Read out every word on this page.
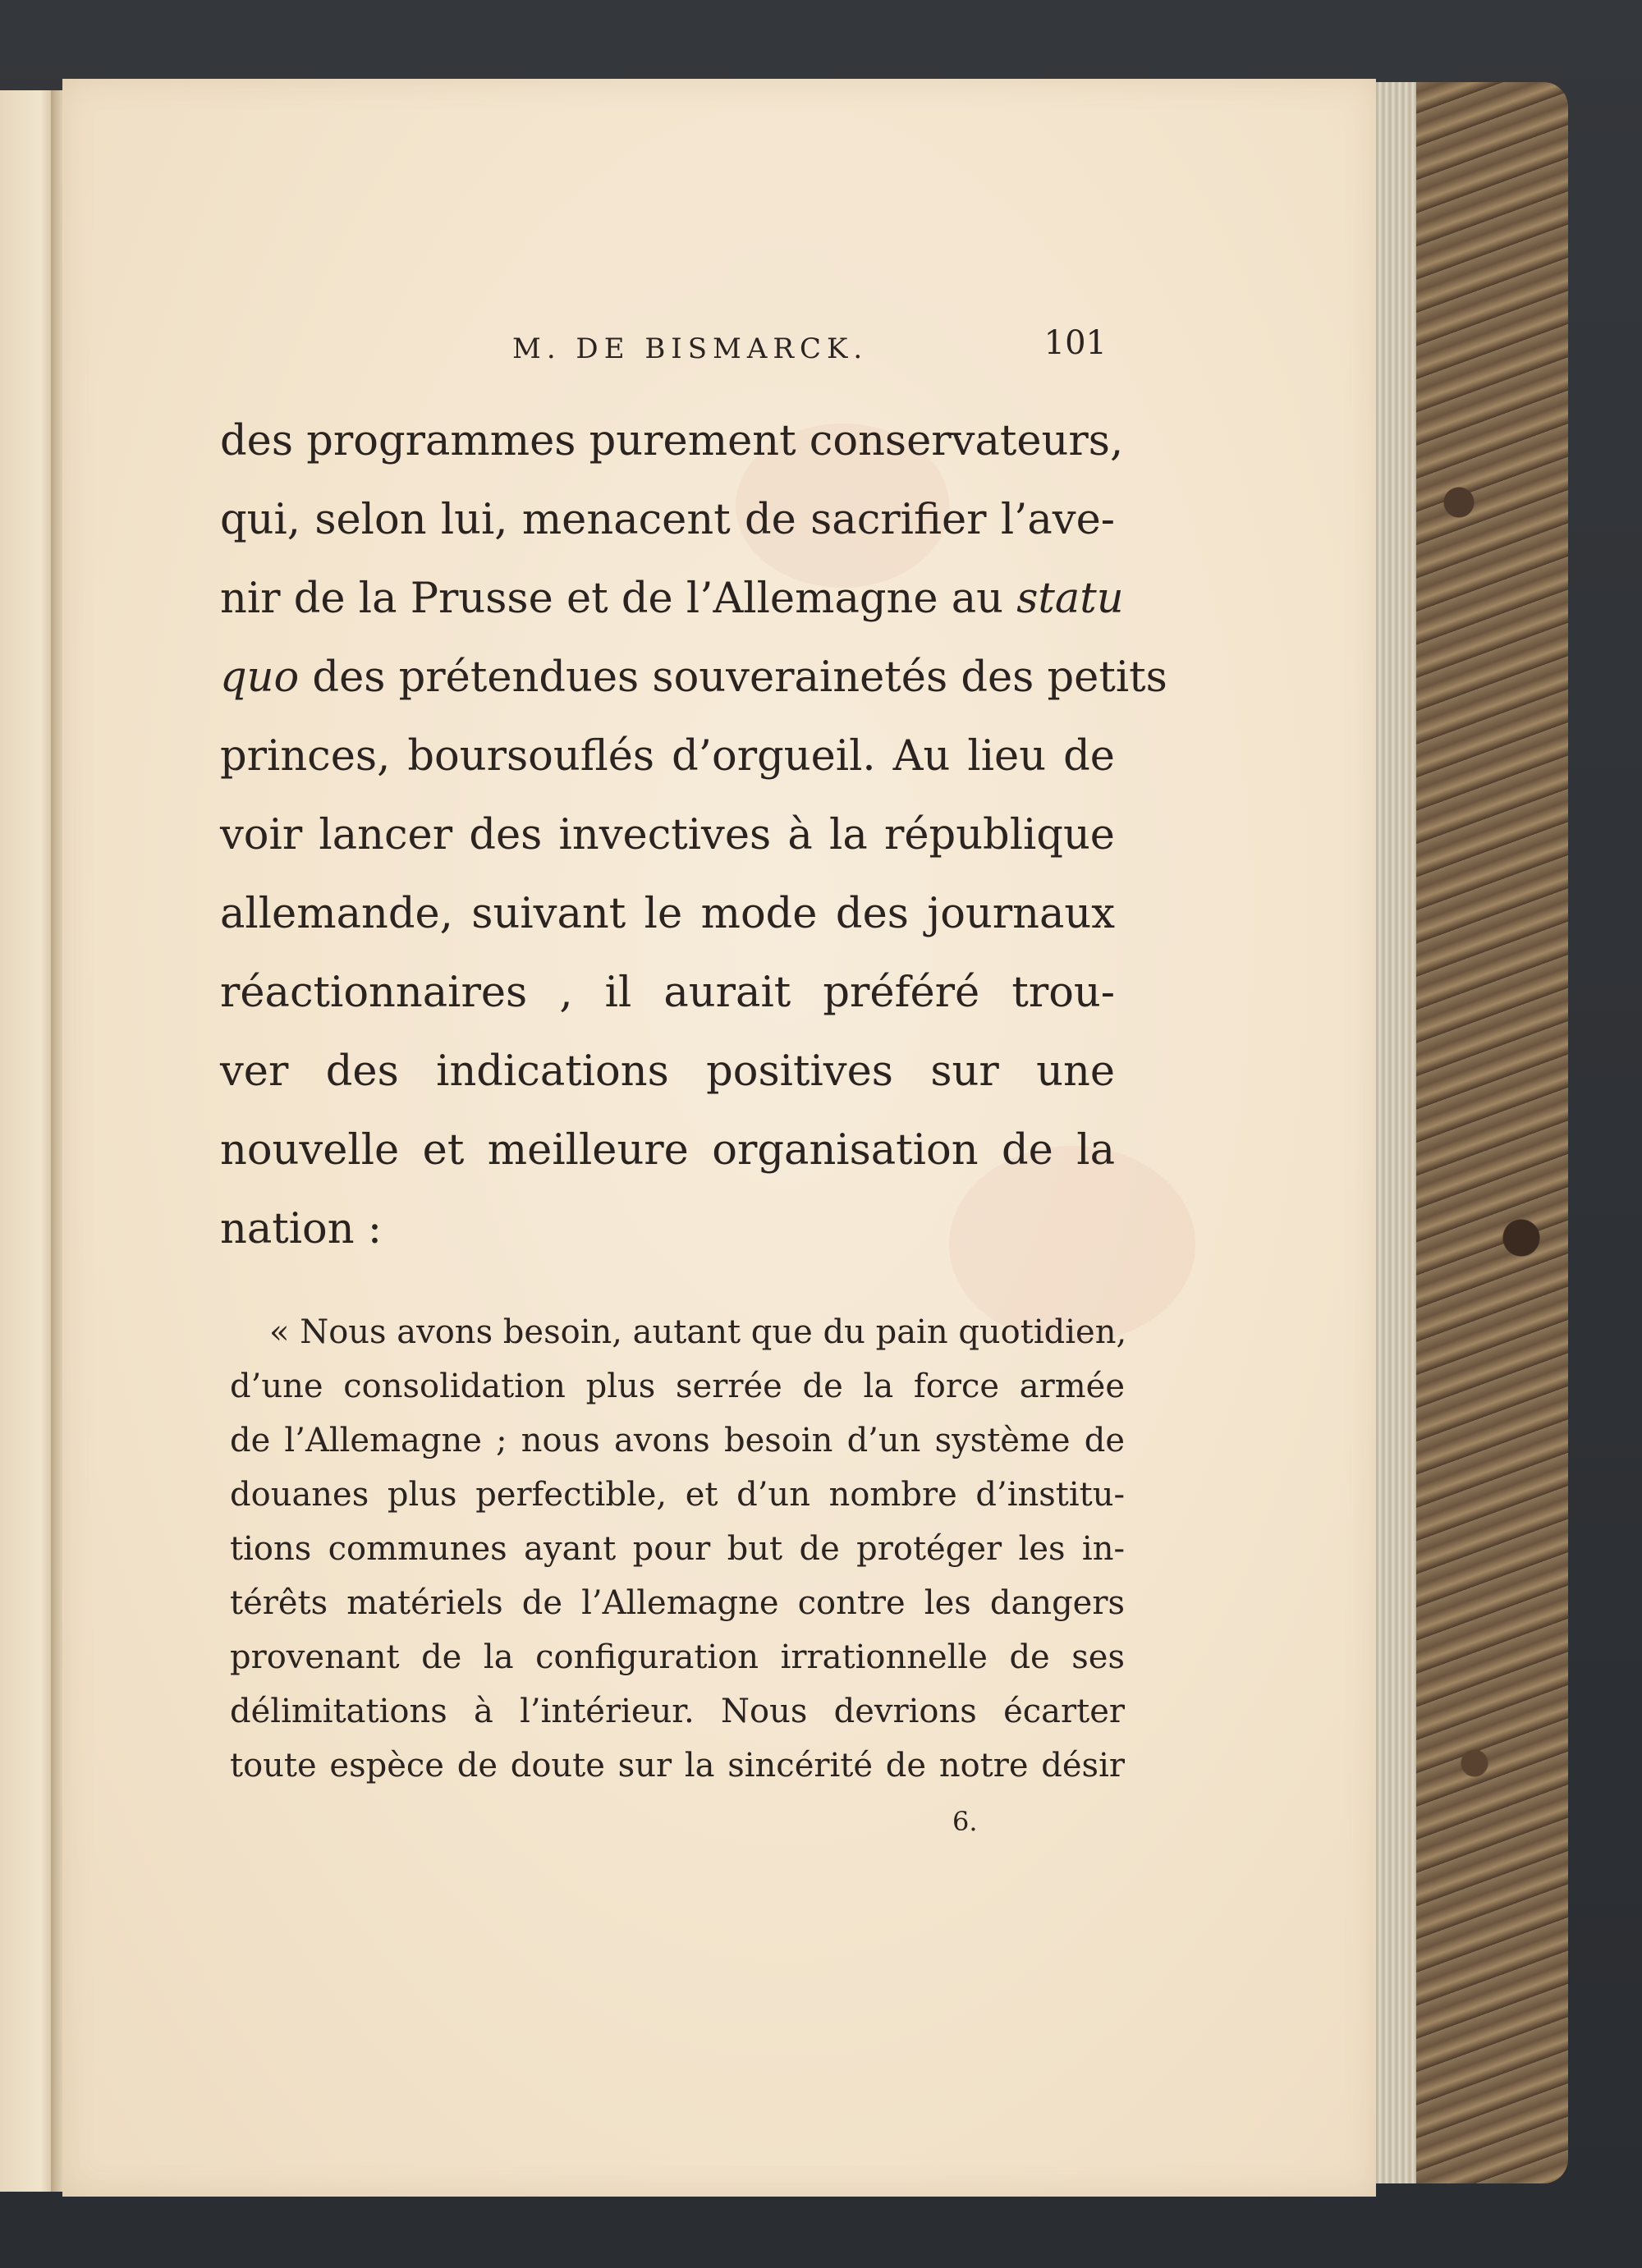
M. DE BISMARCK.	101
des programmes purement conservateurs,
qui, selon lui, menacent de sacrifier l’ave-
nir de la Prusse et de l’Allemagne au statu
quo des prétendues souverainetés des petits
princes, boursouflés d’orgueil. Au lieu de
voir lancer des invectives à la république
allemande, suivant le mode des journaux
réactionnaires , il aurait préféré trou-
ver des indications positives sur une
nouvelle et meilleure organisation de la
nation :
« Nous avons besoin, autant que du pain quotidien,
d’une consolidation plus serrée de la force armée
de l’Allemagne ; nous avons besoin d’un système de
douanes plus perfectible, et d’un nombre d’institu-
tions communes ayant pour but de protéger les in-
térêts matériels de l’Allemagne contre les dangers
provenant de la configuration irrationnelle de ses
délimitations à l’intérieur. Nous devrions écarter
toute espèce de doute sur la sincérité de notre désir
6.
